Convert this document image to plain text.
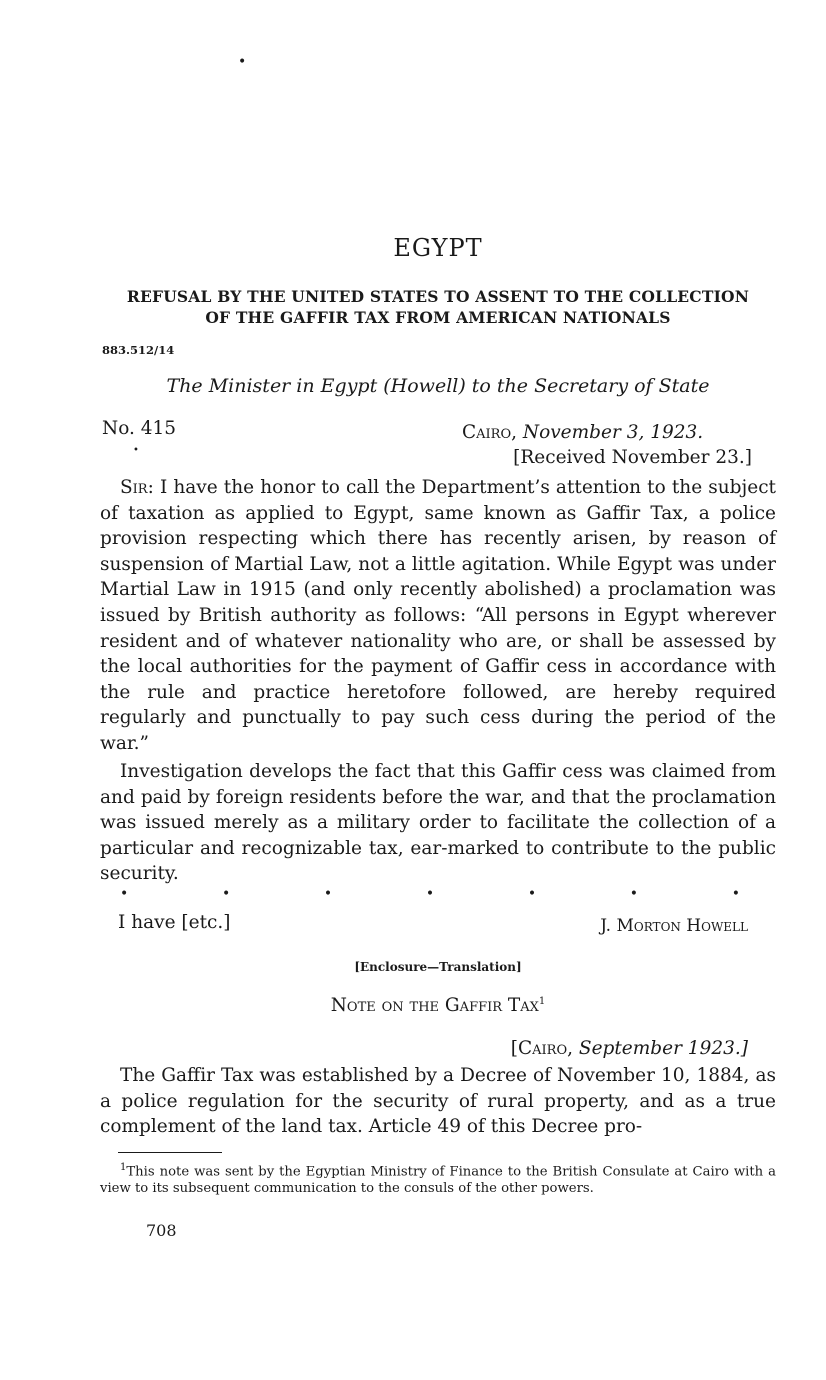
•
EGYPT
REFUSAL BY THE UNITED STATES TO ASSENT TO THE COLLECTION
OF THE GAFFIR TAX FROM AMERICAN NATIONALS
883.512/14
The Minister in Egypt (Howell) to the Secretary of State
No. 415	Cairo, November 3, 1923.
•	[Received November 23.]

Sir: I have the honor to call the Department’s attention to the subject of taxation as applied to Egypt, same known as Gaffir Tax, a police provision respecting which there has recently arisen, by reason of suspension of Martial Law, not a little agitation. While Egypt was under Martial Law in 1915 (and only recently abolished) a proclamation was issued by British authority as follows: “All persons in Egypt wherever resident and of whatever nationality who are, or shall be assessed by the local authorities for the payment of Gaffir cess in accordance with the rule and practice heretofore followed, are hereby required regularly and punctually to pay such cess during the period of the war.”

Investigation develops the fact that this Gaffir cess was claimed from and paid by foreign residents before the war, and that the proclamation was issued merely as a military order to facilitate the collection of a particular and recognizable tax, ear-marked to contribute to the public security.

•	•	•	•	•	•	•
I have [etc.]	J. Morton Howell
[Enclosure—Translation]
Note on the Gaffir Tax$^1$
[Cairo, September 1923.]

The Gaffir Tax was established by a Decree of November 10, 1884, as a police regulation for the security of rural property, and as a true complement of the land tax. Article 49 of this Decree pro-

$^1$This note was sent by the Egyptian Ministry of Finance to the British Consulate at Cairo with a view to its subsequent communication to the consuls of the other powers.

708
